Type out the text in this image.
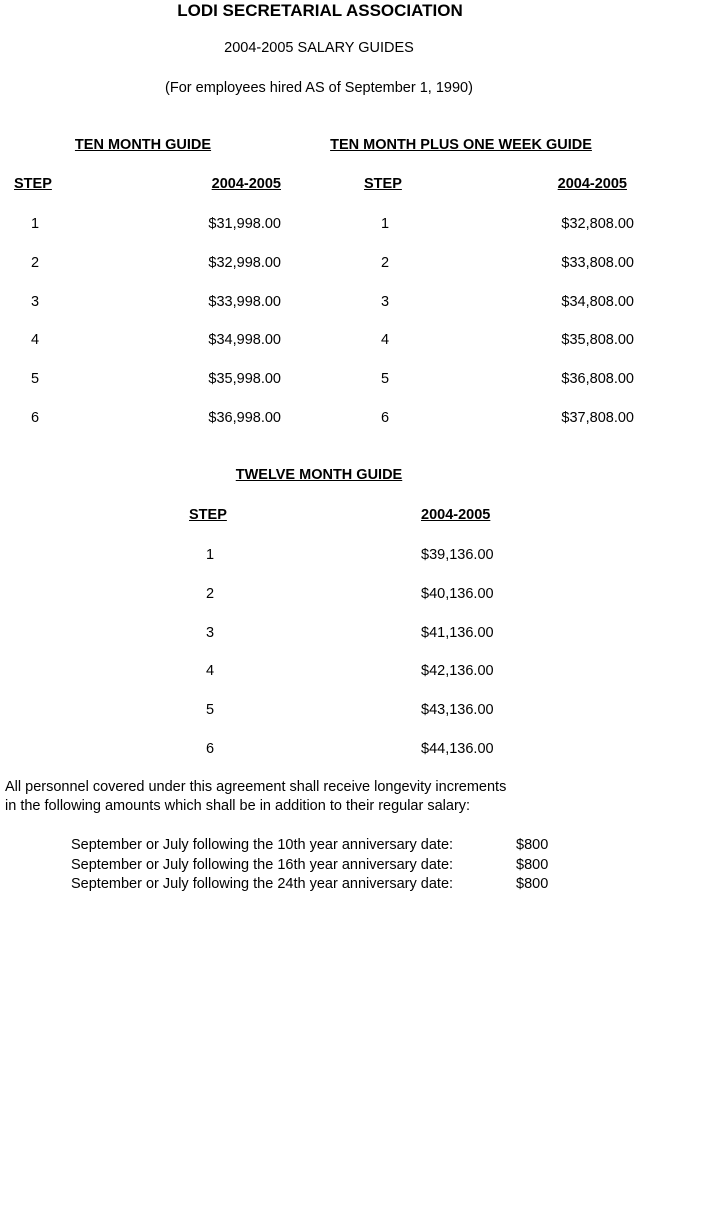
LODI SECRETARIAL ASSOCIATION
2004-2005 SALARY GUIDES
(For employees hired AS of September 1, 1990)
TEN MONTH GUIDE
STEP	2004-2005
1	$31,998.00
2	$32,998.00
3	$33,998.00
4	$34,998.00
5	$35,998.00
6	$36,998.00
TEN MONTH PLUS ONE WEEK GUIDE
STEP	2004-2005
1	$32,808.00
2	$33,808.00
3	$34,808.00
4	$35,808.00
5	$36,808.00
6	$37,808.00
TWELVE MONTH GUIDE
STEP	2004-2005
1	$39,136.00
2	$40,136.00
3	$41,136.00
4	$42,136.00
5	$43,136.00
6	$44,136.00
All personnel covered under this agreement shall receive longevity increments
in the following amounts which shall be in addition to their regular salary:
September or July following the 10th year anniversary date:	$800
September or July following the 16th year anniversary date:	$800
September or July following the 24th year anniversary date:	$800
